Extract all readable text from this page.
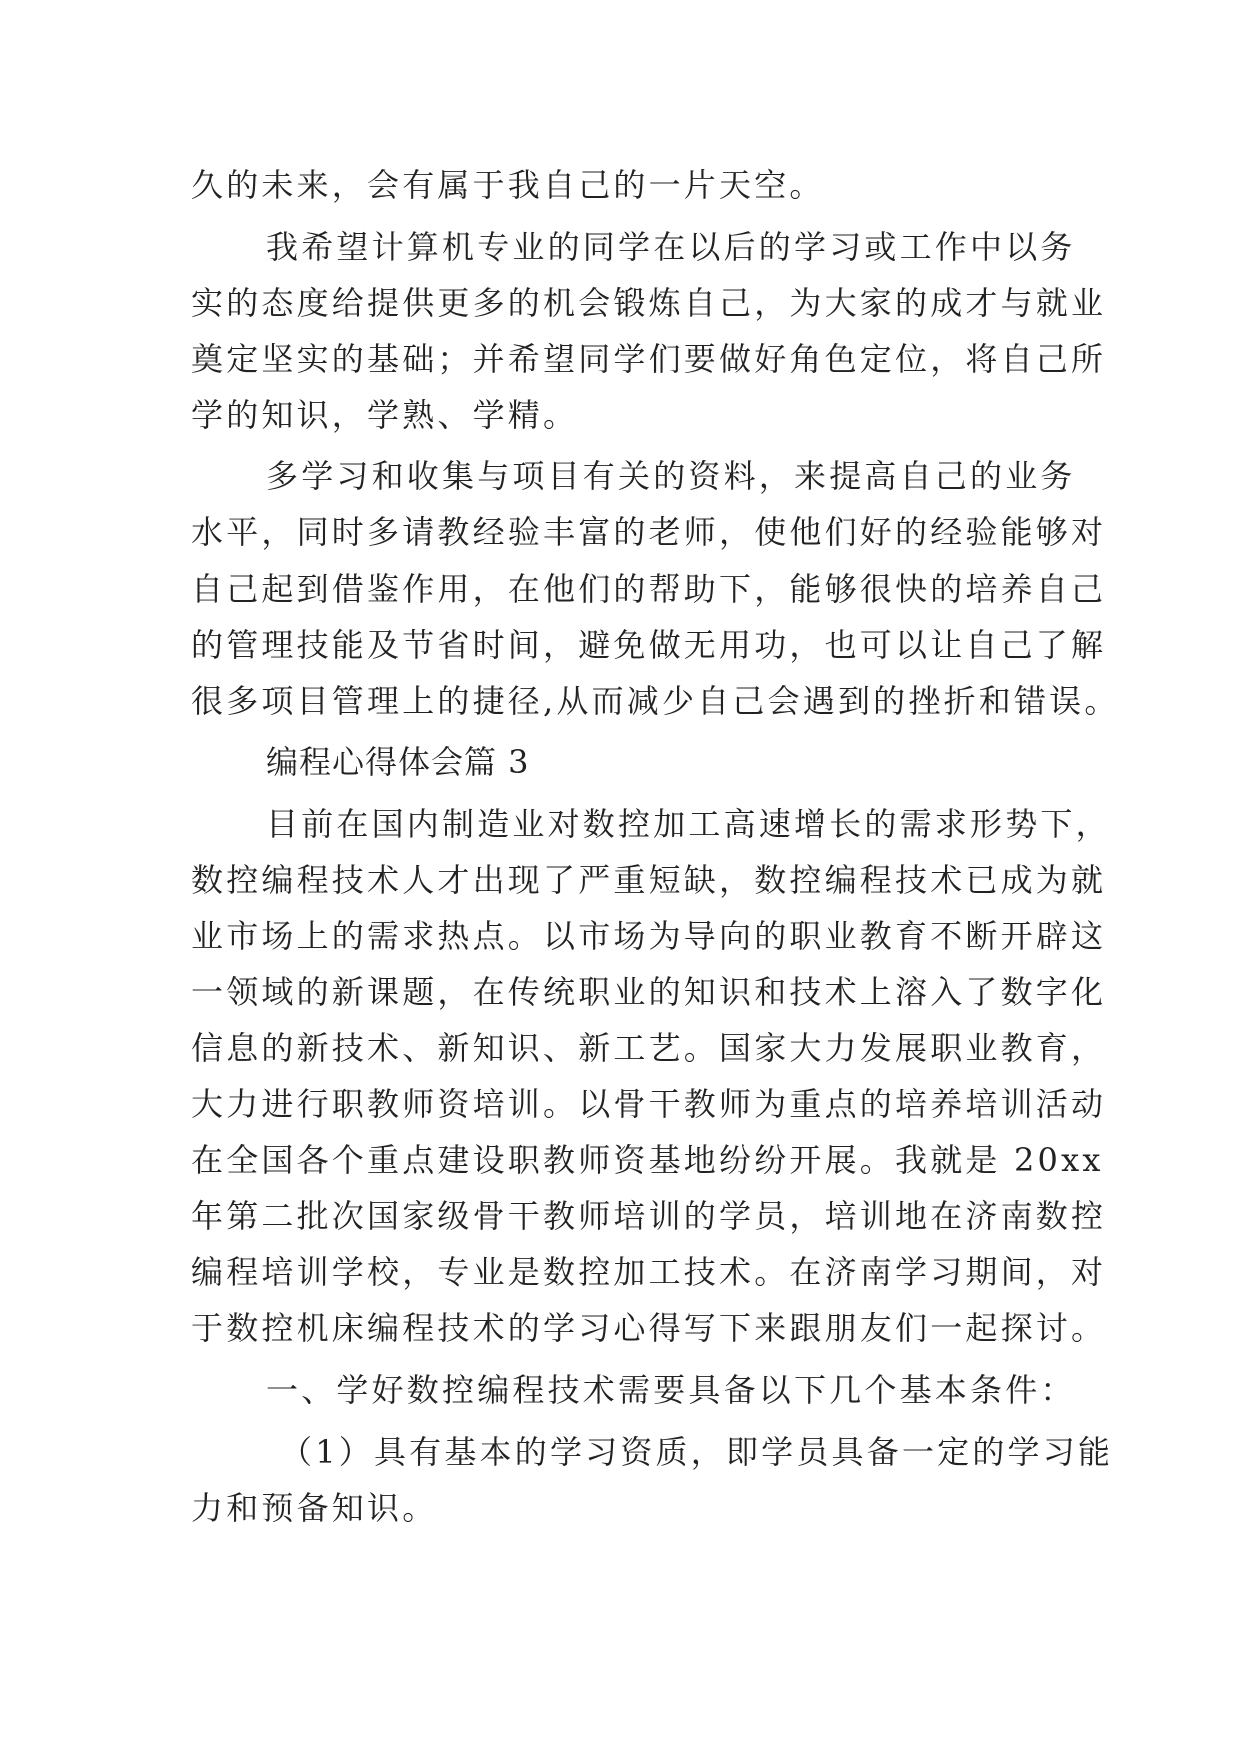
久的未来，会有属于我自己的一片天空。
我希望计算机专业的同学在以后的学习或工作中以务
实的态度给提供更多的机会锻炼自己，为大家的成才与就业
奠定坚实的基础；并希望同学们要做好角色定位，将自己所
学的知识，学熟、学精。
多学习和收集与项目有关的资料，来提高自己的业务
水平，同时多请教经验丰富的老师，使他们好的经验能够对
自己起到借鉴作用，在他们的帮助下，能够很快的培养自己
的管理技能及节省时间，避免做无用功，也可以让自己了解
很多项目管理上的捷径,从而减少自己会遇到的挫折和错误。
编程心得体会篇 3
目前在国内制造业对数控加工高速增长的需求形势下，
数控编程技术人才出现了严重短缺，数控编程技术已成为就
业市场上的需求热点。以市场为导向的职业教育不断开辟这
一领域的新课题，在传统职业的知识和技术上溶入了数字化
信息的新技术、新知识、新工艺。国家大力发展职业教育，
大力进行职教师资培训。以骨干教师为重点的培养培训活动
在全国各个重点建设职教师资基地纷纷开展。我就是 20xx
年第二批次国家级骨干教师培训的学员，培训地在济南数控
编程培训学校，专业是数控加工技术。在济南学习期间，对
于数控机床编程技术的学习心得写下来跟朋友们一起探讨。
一、学好数控编程技术需要具备以下几个基本条件：
（1）具有基本的学习资质，即学员具备一定的学习能
力和预备知识。
